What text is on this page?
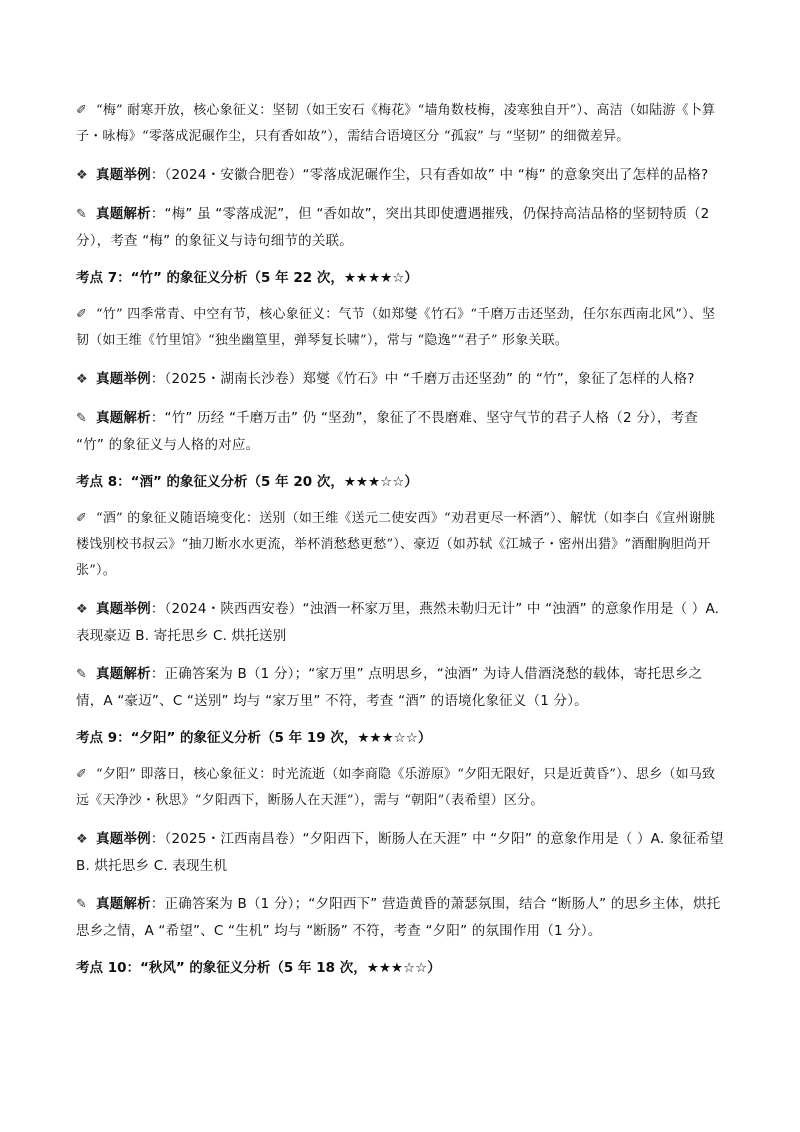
✐ “梅” 耐寒开放，核心象征义：坚韧（如王安石《梅花》“墙角数枝梅，凌寒独自开”）、高洁（如陆游《卜算子・咏梅》“零落成泥碾作尘，只有香如故”），需结合语境区分 “孤寂” 与 “坚韧” 的细微差异。
❖ 真题举例：（2024・安徽合肥卷）“零落成泥碾作尘，只有香如故” 中 “梅” 的意象突出了怎样的品格?
✎ 真题解析：“梅” 虽 “零落成泥”，但 “香如故”，突出其即使遭遇摧残，仍保持高洁品格的坚韧特质（2 分），考查 “梅” 的象征义与诗句细节的关联。
考点 7：“竹” 的象征义分析（5 年 22 次，★★★★☆）
✐ “竹” 四季常青、中空有节，核心象征义：气节（如郑燮《竹石》“千磨万击还坚劲，任尔东西南北风”）、坚韧（如王维《竹里馆》“独坐幽篁里，弹琴复长啸”），常与 “隐逸”“君子” 形象关联。
❖ 真题举例：（2025・湖南长沙卷）郑燮《竹石》中 “千磨万击还坚劲” 的 “竹”，象征了怎样的人格?
✎ 真题解析：“竹” 历经 “千磨万击” 仍 “坚劲”，象征了不畏磨难、坚守气节的君子人格（2 分），考查 “竹” 的象征义与人格的对应。
考点 8：“酒” 的象征义分析（5 年 20 次，★★★☆☆）
✐ “酒” 的象征义随语境变化：送别（如王维《送元二使安西》“劝君更尽一杯酒”）、解忧（如李白《宣州谢朓楼饯别校书叔云》“抽刀断水水更流，举杯消愁愁更愁”）、豪迈（如苏轼《江城子・密州出猎》“酒酣胸胆尚开张”）。
❖ 真题举例：（2024・陕西西安卷）“浊酒一杯家万里，燕然未勒归无计” 中 “浊酒” 的意象作用是（ ）A. 表现豪迈 B. 寄托思乡 C. 烘托送别
✎ 真题解析：正确答案为 B（1 分）；“家万里” 点明思乡，“浊酒” 为诗人借酒浇愁的载体，寄托思乡之情，A “豪迈”、C “送别” 均与 “家万里” 不符，考查 “酒” 的语境化象征义（1 分）。
考点 9：“夕阳” 的象征义分析（5 年 19 次，★★★☆☆）
✐ “夕阳” 即落日，核心象征义：时光流逝（如李商隐《乐游原》“夕阳无限好，只是近黄昏”）、思乡（如马致远《天净沙・秋思》“夕阳西下，断肠人在天涯”），需与 “朝阳”（表希望）区分。
❖ 真题举例：（2025・江西南昌卷）“夕阳西下，断肠人在天涯” 中 “夕阳” 的意象作用是（ ）A. 象征希望 B. 烘托思乡 C. 表现生机
✎ 真题解析：正确答案为 B（1 分）；“夕阳西下” 营造黄昏的萧瑟氛围，结合 “断肠人” 的思乡主体，烘托思乡之情，A “希望”、C “生机” 均与 “断肠” 不符，考查 “夕阳” 的氛围作用（1 分）。
考点 10：“秋风” 的象征义分析（5 年 18 次，★★★☆☆）
